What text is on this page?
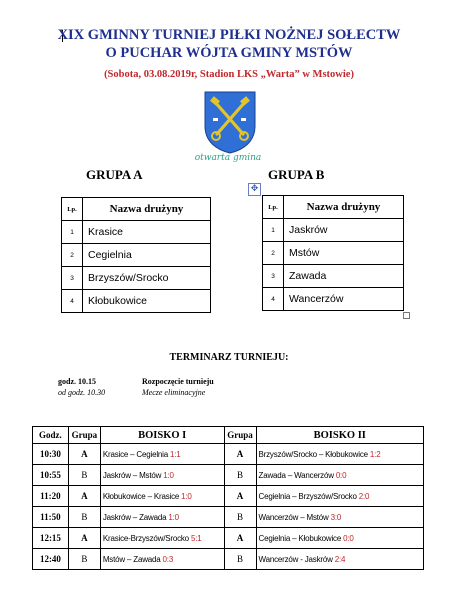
XIX GMINNY TURNIEJ PIŁKI NOŻNEJ SOŁECTW
O PUCHAR WÓJTA GMINY MSTÓW
(Sobota, 03.08.2019r, Stadion LKS „Warta” w Mstowie)
otwarta gmina
GRUPA A	GRUPA B
✥
Lp.	Nazwa drużyny
1	Krasice
2	Cegielnia
3	Brzyszów/Srocko
4	Kłobukowice
Lp.	Nazwa drużyny
1	Jaskrów
2	Mstów
3	Zawada
4	Wancerzów
TERMINARZ TURNIEJU:
godz. 10.15	Rozpoczęcie turnieju
od godz. 10.30	Mecze eliminacyjne
Godz.	Grupa	BOISKO I	Grupa	BOISKO II
10:30	A	Krasice – Cegielnia 1:1	A	Brzyszów/Srocko – Kłobukowice 1:2
10:55	B	Jaskrów – Mstów 1:0	B	Zawada – Wancerzów 0:0
11:20	A	Kłobukowice – Krasice 1:0	A	Cegielnia – Brzyszów/Srocko 2:0
11:50	B	Jaskrów – Zawada 1:0	B	Wancerzów – Mstów 3:0
12:15	A	Krasice-Brzyszów/Srocko 5:1	A	Cegielnia – Kłobukowice 0:0
12:40	B	Mstów – Zawada 0:3	B	Wancerzów - Jaskrów 2:4
